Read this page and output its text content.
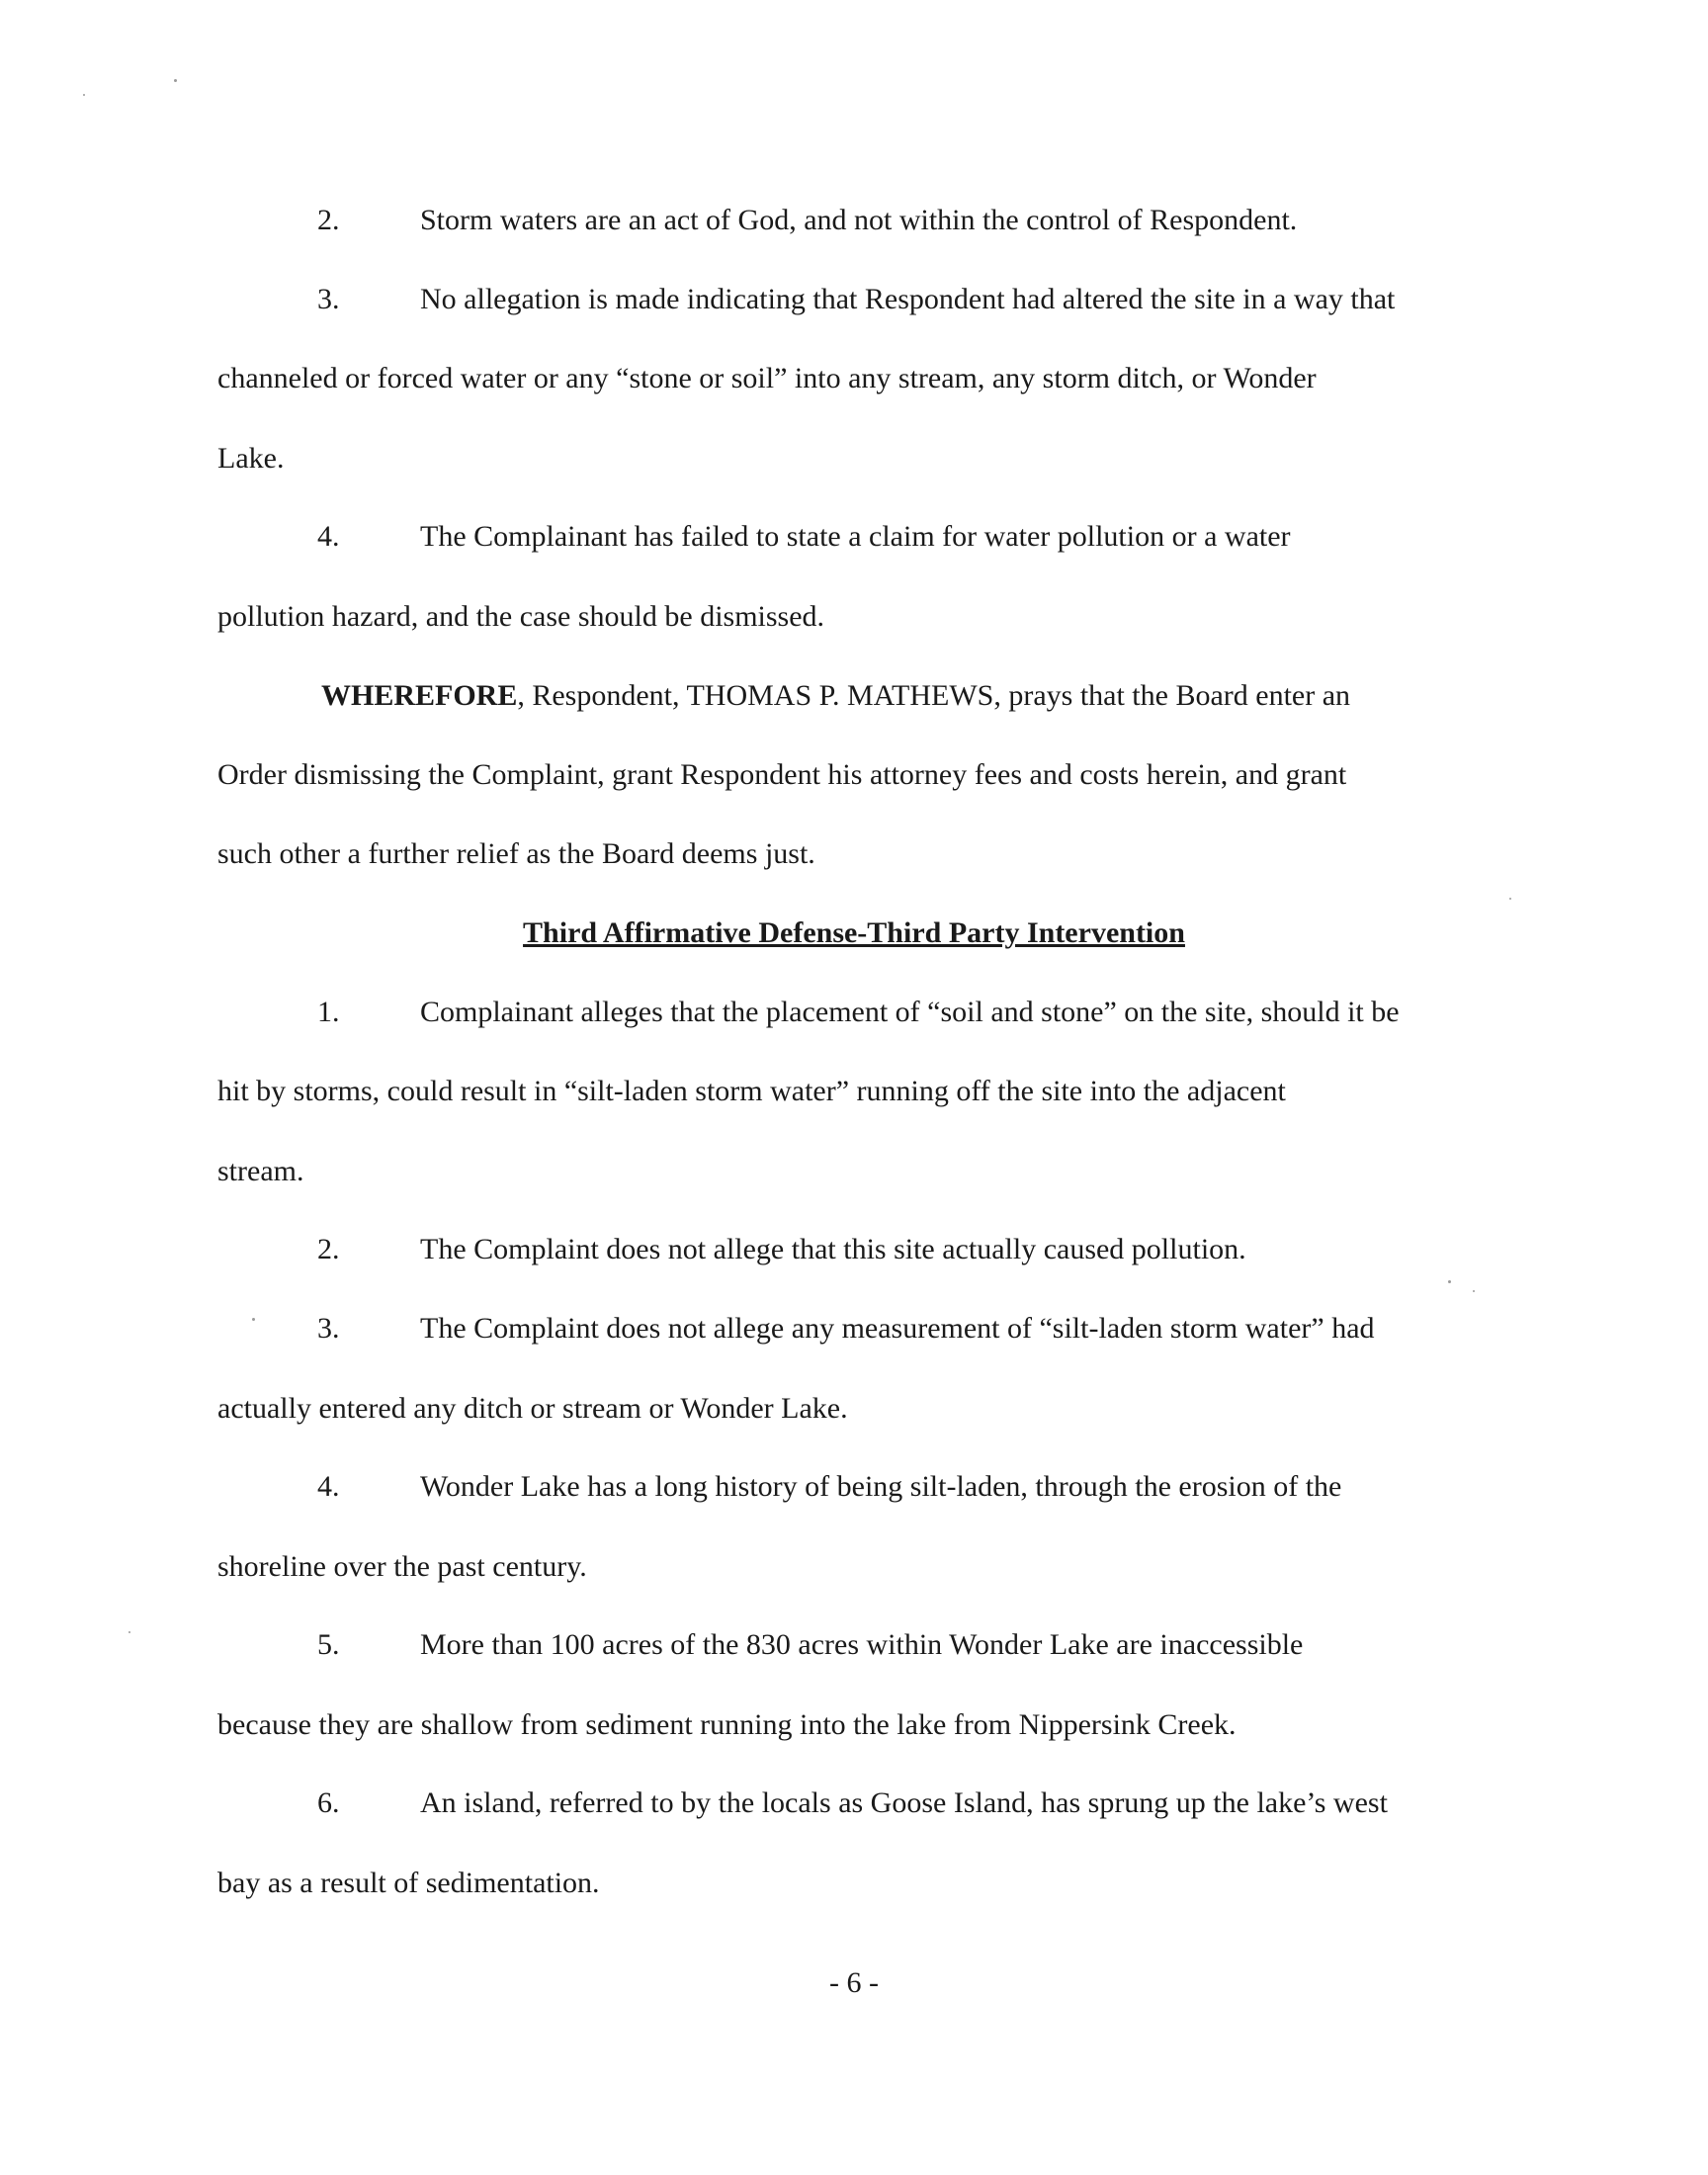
2.	Storm waters are an act of God, and not within the control of Respondent.
3.	No allegation is made indicating that Respondent had altered the site in a way that
channeled or forced water or any “stone or soil” into any stream, any storm ditch, or Wonder
Lake.
4.	The Complainant has failed to state a claim for water pollution or a water
pollution hazard, and the case should be dismissed.
WHEREFORE, Respondent, THOMAS P. MATHEWS, prays that the Board enter an
Order dismissing the Complaint, grant Respondent his attorney fees and costs herein, and grant
such other a further relief as the Board deems just.
Third Affirmative Defense-Third Party Intervention
1.	Complainant alleges that the placement of “soil and stone” on the site, should it be
hit by storms, could result in “silt-laden storm water” running off the site into the adjacent
stream.
2.	The Complaint does not allege that this site actually caused pollution.
3.	The Complaint does not allege any measurement of “silt-laden storm water” had
actually entered any ditch or stream or Wonder Lake.
4.	Wonder Lake has a long history of being silt-laden, through the erosion of the
shoreline over the past century.
5.	More than 100 acres of the 830 acres within Wonder Lake are inaccessible
because they are shallow from sediment running into the lake from Nippersink Creek.
6.	An island, referred to by the locals as Goose Island, has sprung up the lake’s west
bay as a result of sedimentation.
- 6 -
